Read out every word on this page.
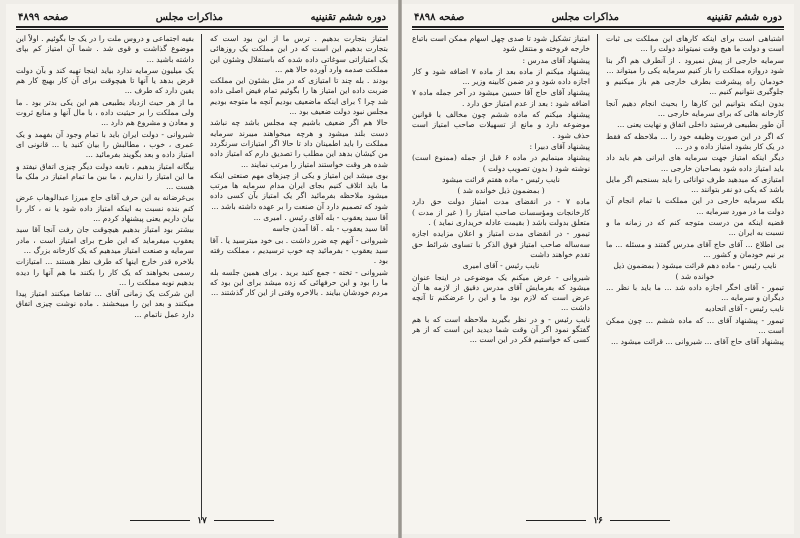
دوره ششم تقنينيه
مذاکرات مجلس
صفحه ۴۸۹۹

امتیاز بتجارت بدهیم . ترس ما از این بود است که بتجارت بدهیم این است که در این مملکت یک روزهائی یک امتیازاتی سوغاتی داده شده که باستقلال وشئون این مملکت صدمه وارد آورده حالا هم ...

بودند . بله چند تا امتیازی که در مثل بشئون این مملکت ضربت داده این امتیاز ها را بگوئیم تمام فیض اصلی داده شد چرا ؟ برای اینکه ماضعیف بودیم آنچه ما متوجه بودیم مجلس نبود دولت ضعیف بود ...

حالا هم اگر ضعیف باشیم چه مجلس باشد چه نباشد دست بلند میشود و هرچه میخواهند میبرند سرمایه مملکت را باید اطمینان داد تا حالا اگر امتیازات سرنگردد من کیشان بدهد این مطلب را تصدیق دارم که امتیاز داده شده هر وقت خواستند امتیاز را مرتب نمایند ...

بوی میشد این امتیاز و یکی از چیزهای مهم صنعتی اینکه ما باید اتلاف کنیم بجای ایران مدام سرمایه ها مرتب میشود ملاحظه بفرمائید اگر یک امتیاز بآن کسی داده شود که تصمیم دارد آن صنعت را بر عهده داشته باشد ...

آقا سید یعقوب - بله آقای رئیس . امیری ...

آقا سید یعقوب - بله . آقا آمدن جاسه

شیروانی - آنهم چه ضرر داشت . بی خود میترسید یا . آقا سید یعقوب - بفرمائید چه خوب ترسیدیم ، مملکت رفته بود .

شیروانی - تخته - جمع کنید برید . برای همین جلسه بله ما را بود و این حرفهائی که زده میشد برای این بود که مردم خودشان بیایند . بالاخره وقتی از این کار گذشتند ...

بقیه اجتماعی و دروس ملت را در یک جا بگوئیم . اولاً این موضوع گذاشت و قوی شد . شما آن امتیاز کم بپای داشته باشید ...

یک میلیون سرمایه ندارد بیاید اینجا تهیه کند و بآن دولت قرض بدهد یا آنها تا هیچوقت برای آن کار بهیچ کار هم یقین دارد که طرف ...

ما از هر حیث ازدیاد بطبیعی هم این یکی بدتر بود . ما ولی مملکت را بر حیثیت داده ، با مال آنها و منابع ثروت و معادن و مشروع هم دارد ...

شیروانی - دولت ایران باید با تمام وجود آن بفهمد و یک عمری ، خوب ، مطالبش را بیان کنید یا ... قانونی ای امتیاز داده و بعد بگویند بفرمائید ...

بیگانه امتیاز بدهیم ، تابعه دولت دیگر چیزی اتفاق نیفتد و ما این امتیاز را نداریم ، ما بین ما تمام امتیاز در ملک ما هست ...

بی‌غرضانه به این حرف آقای حاج میرزا عبدالوهاب عرض کنم بنده نسبت به اینکه امتیاز داده شود یا نه ، کار را بیان داریم یعنی پیشنهاد کردم ...

بیشتر بود امتیاز بدهیم هیچوقت جان رفت آنجا آقا سید یعقوب میفرماید که این طرح برای امتیاز است ، مادر سرمایه و صنعت امتیاز میدهیم که یک کارخانه بزرگ ...

بلاخره قدر خارج اینها که طرف نظر هستند ... امتیازات رسمی بخواهند که یک کار را بکنند ما هم آنها را دیده بدهیم نوبه مملکت را ...

این شرکت یک زمانی آقای ... تقاضا میکنند امتیاز پیدا میکنند و بعد این را میبخشند . ماده نوشت چیزی اتفاق دارد عمل ناتمام ...

۱۷
دوره ششم تقنينيه
مذاکرات مجلس
صفحه ۴۸۹۸

اشتباهی است برای اینکه کارهای این مملکت بی ثبات است و دولت ما هیچ وقت نمیتواند دولت را ...

سرمایه خارجی از پیش نمیرود . از آنطرف هم اگر بنا شود دروازه مملکت را باز کنیم سرمایه یکی را میتواند ...

خودمان راه پیشرفت بطرف خارجی هم باز میکنیم و جلوگیری نتوانیم کنیم ...

بدون اینکه بتوانیم این کارها را بحیث انجام دهیم آنجا کارخانه هائی که برای سرمایه خارجی ...

آن طور بطبیعی فرستید داخلی اتفاق و نهایت یعنی ...

که اگر در این صورت وظیفه خود را ... ملاحظه که فقط در یک کار بشود امتیاز داده و در ...

دیگر اینکه امتیاز جهت سرمایه های ایرانی هم باید داد باید امتیاز داده شود بصاحبان خارجی ...

امتیازی که میدهید طرف توانائی را باید بسنجیم اگر مایل باشد که یکی دو نفر بتوانند ...

بلکه سرمایه خارجی در این مملکت با تمام انجام آن دولت ما در مورد سرمایه ...

قضیه اینکه من درست متوجه کنم که در زمانه ما و نسبت به ایران ...

بی اطلاع ... آقای حاج آقای مدرس گفتند و مسئله ... ما بر نیم خودمان و کشور ...

نایب رئیس - ماده دهم قرائت میشود ( بمضمون ذیل خوانده شد )

تیمور - آقای اخگر اجازه داده شد ... ما باید با نظر ... دیگران و سرمایه ...

نایب رئیس - آقای اتحادیه

تیمور - پیشنهاد آقای ... که ماده ششم ... چون ممکن است ...

پیشنهاد آقای حاج آقای ... شیروانی ... قرائت میشود ...

امتیاز تشکیل شود تا صدی چهل اسهام ممکن است باتباع خارجه فروخته و منتقل شود

پیشنهاد آقای مدرس :

پیشنهاد میکنم از ماده بعد از ماده ۷ اضافه شود و کار اجازه داده شود و در ضمن کابینه وزیر ...

پیشنهاد آقای حاج آقا حسین میشود در آخر جمله ماده ۷ اضافه شود : بعد از عدم امتیاز حق دارد .

پیشنهاد میکنم که ماده ششم چون مخالف با قوانین موضوعه دارد و مانع از تسهیلات صاحب امتیاز است حذف شود .

پیشنهاد آقای دبیرا :

پیشنهاد مینمایم در ماده ۶ قبل از جمله (ممنوع است) نوشته شود ( بدون تصویب دولت )

نایب رئیس - ماده هفتم قرائت میشود

( بمضمون ذیل خوانده شد )

ماده ۷ - در انقضای مدت امتیاز دولت حق دارد کارخانجات ومؤسسات صاحب امتیاز را ( غیر از مدت ) متعلق بدولت باشد ( بقیمت عادله خریداری نماید ) .

تیمور - در انقضای مدت امتیاز و اعلان مزایده اجازه سه‌ساله صاحب امتیاز فوق الذکر با تساوی شرائط حق تقدم خواهند داشت

نایب رئیس - آقای امیری

شیروانی - عرض میکنم یک موضوعی در اینجا عنوان میشود که بفرمایش آقای مدرس دقیق از لازمه ها آن عرض است که لازم بود ما و این را عرضکنم تا آنچه داشت ...

نایب رئیس - و در نظر بگیرید ملاحظه است که با هم گفتگو نمود اگر آن وقت شما دیدید این است که از هر کسی که خواستیم فکر در این است ...

۱۶
